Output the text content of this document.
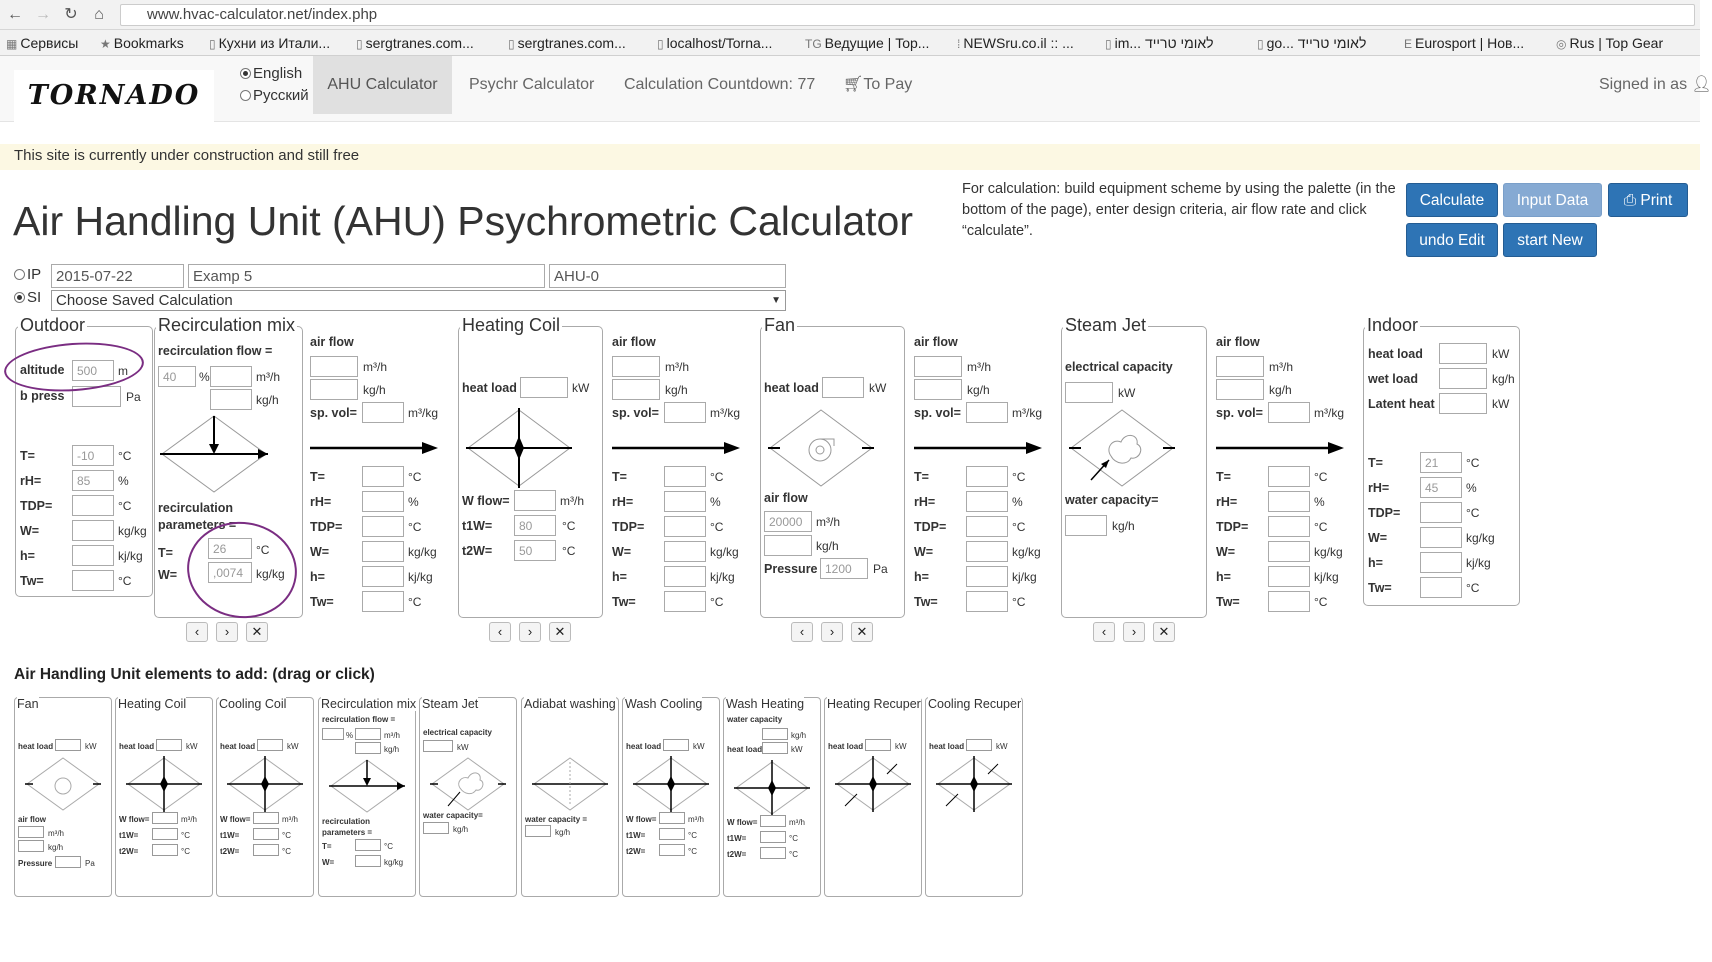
← → ↻	⌂	www.hvac-calculator.net/index.php
▦ Сервисы ★ Bookmarks ▯ Кухни из Итали... ▯ sergtranes.com...	▯ sergtranes.com...	▯ localhost/Torna...	TG Ведущие | Top... ⁞ NEWSru.co.il :: ...	▯ im... לאומי טרייד	▯ go... לאומי טרייד	E Eurosport | Нов...	◎ Rus | Top Gear
TORNADO
English
Русский
AHU Calculator	Psychr Calculator Calculation Countdown: 77 🛒︎To Pay	Signed in as 👤︎
This site is currently under construction and still free
Air Handling Unit (AHU) Psychrometric Calculator
For calculation: build equipment scheme by using the palette (in the bottom of the page), enter design criteria, air flow rate and click “calculate”.
Calculate	Input Data	⎙ Print
undo Edit	start New
IP
SI
2015-07-22
Examp 5
AHU-0 Choose Saved Calculation	▼
Outdoor
altitude
500	m
b press	Pa
T=
-10	°C
rH=
85	%
TDP=	°C
W=	kg/kg
h=	kj/kg
Tw=	°C
Recirculation mix
recirculation flow =
40
%	m³/h
kg/h
recirculation parameters =
T=
26	°C
W=
,0074	kg/kg
air flow
m³/h
kg/h
sp. vol=	m³/kg
T=	°C
rH=	%
TDP=	°C
W=	kg/kg
h=	kj/kg
Tw=	°C
air flow
m³/h
kg/h
sp. vol=	m³/kg
T=	°C
rH=	%
TDP=	°C
W=	kg/kg
h=	kj/kg
Tw=	°C
air flow
m³/h
kg/h
sp. vol=	m³/kg
T=	°C
rH=	%
TDP=	°C
W=	kg/kg
h=	kj/kg
Tw=	°C
air flow
m³/h
kg/h
sp. vol=	m³/kg
T=	°C
rH=	%
TDP=	°C
W=	kg/kg
h=	kj/kg
Tw=	°C
Heating Coil
heat load	kW
W flow=	m³/h
t1W=
80	°C
t2W=
50	°C
Fan
heat load	kW
air flow
20000
m³/h
kg/h
Pressure
1200	Pa
Steam Jet
electrical capacity
kW
water capacity=
kg/h
Indoor
heat load	kW
wet load	kg/h
Latent heat	kW
T=
21	°C
rH=
45	%
TDP=	°C
W=	kg/kg
h=	kj/kg
Tw=	°C
‹	›	✕	‹	›	✕	‹	›	✕	‹	›	✕
Air Handling Unit elements to add: (drag or click)
Fan
heat load	kW
air flow
m³/h
kg/h
Pressure	Pa
Heating Coil
heat load	kW
W flow=	m³/h
t1W=	°C
t2W=	°C
Cooling Coil
heat load	kW
W flow=	m³/h
t1W=	°C
t2W=	°C
Recirculation mix
recirculation flow =
%	m³/h
kg/h
recirculation parameters =
T=	°C
W=	kg/kg
Steam Jet
electrical capacity
kW
water capacity=
kg/h
Adiabat washing
water capacity =
kg/h
Wash Cooling
heat load	kW
W flow=	m³/h
t1W=	°C
t2W=	°C
Wash Heating
water capacity
kg/h
heat load	kW
W flow=	m³/h
t1W=	°C
t2W=	°C
Heating Recuper
heat load	kW
Cooling Recuper
heat load	kW
